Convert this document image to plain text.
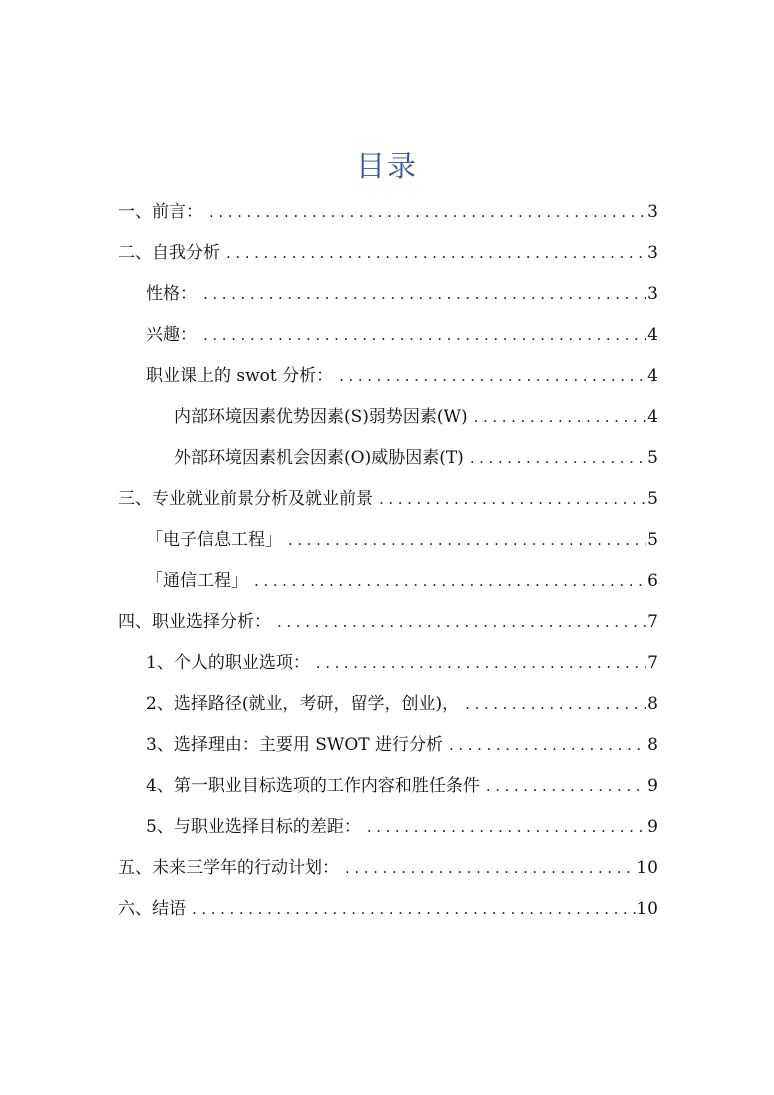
目录
一、前言： .....	3
二、自我分析 .....	3
性格： .....	3
兴趣： .....	4
职业课上的 swot 分析： .....	4
内部环境因素优势因素(S)弱势因素(W) .....	4
外部环境因素机会因素(O)威胁因素(T) .....	5
三、专业就业前景分析及就业前景 .....	5
「电子信息工程」 .....	5
「通信工程」 .....	6
四、职业选择分析： .....	7
1、个人的职业选项： .....	7
2、选择路径(就业，考研，留学，创业)， .....	8
3、选择理由：主要用 SWOT 进行分析 .....	8
4、第一职业目标选项的工作内容和胜任条件 .....	9
5、与职业选择目标的差距： .....	9
五、未来三学年的行动计划： .....	10
六、结语 .....	10
